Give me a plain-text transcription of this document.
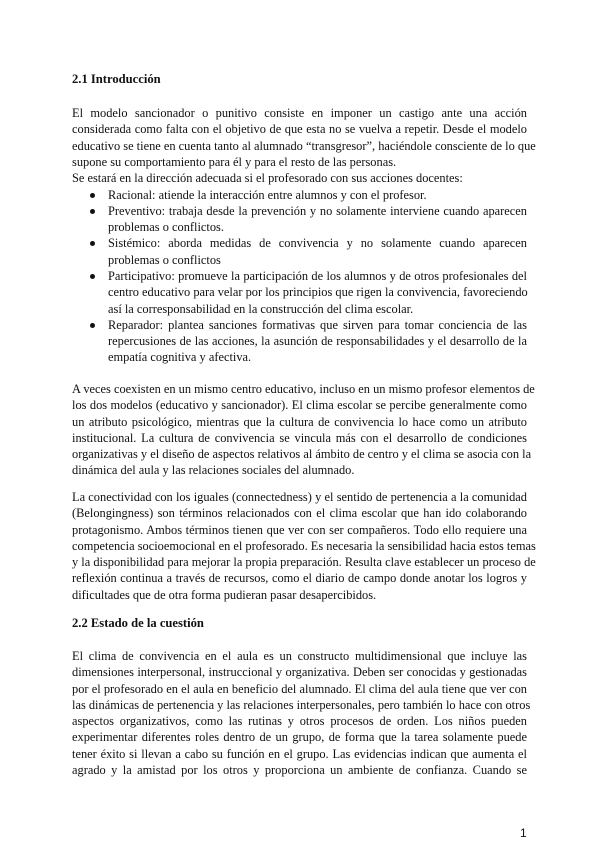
2.1 Introducción
El modelo sancionador o punitivo consiste en imponer un castigo ante una acción
considerada como falta con el objetivo de que esta no se vuelva a repetir. Desde el modelo
educativo se tiene en cuenta tanto al alumnado “transgresor”, haciéndole consciente de lo que
supone su comportamiento para él y para el resto de las personas.
Se estará en la dirección adecuada si el profesorado con sus acciones docentes:
Racional: atiende la interacción entre alumnos y con el profesor.
Preventivo: trabaja desde la prevención y no solamente interviene cuando aparecen
problemas o conflictos.
Sistémico: aborda medidas de convivencia y no solamente cuando aparecen
problemas o conflictos
Participativo: promueve la participación de los alumnos y de otros profesionales del
centro educativo para velar por los principios que rigen la convivencia, favoreciendo
así la corresponsabilidad en la construcción del clima escolar.
Reparador: plantea sanciones formativas que sirven para tomar conciencia de las
repercusiones de las acciones, la asunción de responsabilidades y el desarrollo de la
empatía cognitiva y afectiva.
A veces coexisten en un mismo centro educativo, incluso en un mismo profesor elementos de
los dos modelos (educativo y sancionador). El clima escolar se percibe generalmente como
un atributo psicológico, mientras que la cultura de convivencia lo hace como un atributo
institucional. La cultura de convivencia se vincula más con el desarrollo de condiciones
organizativas y el diseño de aspectos relativos al ámbito de centro y el clima se asocia con la
dinámica del aula y las relaciones sociales del alumnado.
La conectividad con los iguales (connectedness) y el sentido de pertenencia a la comunidad
(Belongingness) son términos relacionados con el clima escolar que han ido colaborando
protagonismo. Ambos términos tienen que ver con ser compañeros. Todo ello requiere una
competencia socioemocional en el profesorado. Es necesaria la sensibilidad hacia estos temas
y la disponibilidad para mejorar la propia preparación. Resulta clave establecer un proceso de
reflexión continua a través de recursos, como el diario de campo donde anotar los logros y
dificultades que de otra forma pudieran pasar desapercibidos.
2.2 Estado de la cuestión
El clima de convivencia en el aula es un constructo multidimensional que incluye las
dimensiones interpersonal, instruccional y organizativa. Deben ser conocidas y gestionadas
por el profesorado en el aula en beneficio del alumnado. El clima del aula tiene que ver con
las dinámicas de pertenencia y las relaciones interpersonales, pero también lo hace con otros
aspectos organizativos, como las rutinas y otros procesos de orden. Los niños pueden
experimentar diferentes roles dentro de un grupo, de forma que la tarea solamente puede
tener éxito si llevan a cabo su función en el grupo. Las evidencias indican que aumenta el
agrado y la amistad por los otros y proporciona un ambiente de confianza. Cuando se
1
